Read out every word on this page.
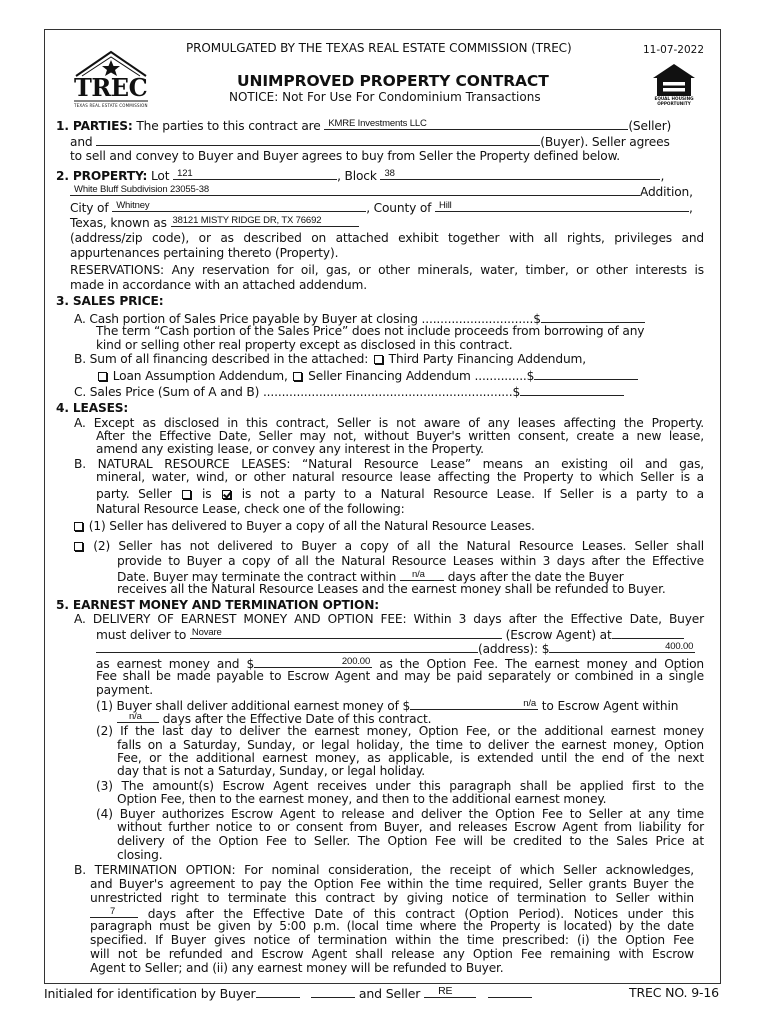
TREC
TEXAS REAL ESTATE COMMISSION
PROMULGATED BY THE TEXAS REAL ESTATE COMMISSION (TREC)	11-07-2022
UNIMPROVED PROPERTY CONTRACT
NOTICE: Not For Use For Condominium Transactions	EQUAL HOUSING OPPORTUNITY
1. PARTIES: The parties to this contract are KMRE Investments LLC	(Seller)
and	(Buyer). Seller agrees
to sell and convey to Buyer and Buyer agrees to buy from Seller the Property defined below.
2. PROPERTY: Lot 121	, Block 38	,
White Bluff Subdivision 23055-38	Addition,
City of Whitney	, County of Hill	,
Texas, known as 38121 MISTY RIDGE DR, TX 76692
(address/zip code), or as described on attached exhibit together with all rights, privileges and
appurtenances pertaining thereto (Property).
RESERVATIONS: Any reservation for oil, gas, or other minerals, water, timber, or other interests is
made in accordance with an attached addendum.
3. SALES PRICE:
A. Cash portion of Sales Price payable by Buyer at closing ..............................$
The term “Cash portion of the Sales Price” does not include proceeds from borrowing of any
kind or selling other real property except as disclosed in this contract.
B. Sum of all financing described in the attached:  Third Party Financing Addendum,
Loan Assumption Addendum,  Seller Financing Addendum ..............$
C. Sales Price (Sum of A and B) ...................................................................$
4. LEASES:
A. Except as disclosed in this contract, Seller is not aware of any leases affecting the Property.
After the Effective Date, Seller may not, without Buyer's written consent, create a new lease,
amend any existing lease, or convey any interest in the Property.
B. NATURAL RESOURCE LEASES: “Natural Resource Lease” means an existing oil and gas,
mineral, water, wind, or other natural resource lease affecting the Property to which Seller is a
party. Seller  is  is not a party to a Natural Resource Lease. If Seller is a party to a
Natural Resource Lease, check one of the following:
(1) Seller has delivered to Buyer a copy of all the Natural Resource Leases.
(2) Seller has not delivered to Buyer a copy of all the Natural Resource Leases. Seller shall
provide to Buyer a copy of all the Natural Resource Leases within 3 days after the Effective
Date. Buyer may terminate the contract within n/a days after the date the Buyer
receives all the Natural Resource Leases and the earnest money shall be refunded to Buyer.
5. EARNEST MONEY AND TERMINATION OPTION:
A. DELIVERY OF EARNEST MONEY AND OPTION FEE: Within 3 days after the Effective Date, Buyer
must deliver to Novare	(Escrow Agent) at
(address): $	400.00
as earnest money and $	200.00 as the Option Fee. The earnest money and Option
Fee shall be made payable to Escrow Agent and may be paid separately or combined in a single
payment.
(1) Buyer shall deliver additional earnest money of $	n/a to Escrow Agent within
n/a days after the Effective Date of this contract.
(2) If the last day to deliver the earnest money, Option Fee, or the additional earnest money
falls on a Saturday, Sunday, or legal holiday, the time to deliver the earnest money, Option
Fee, or the additional earnest money, as applicable, is extended until the end of the next
day that is not a Saturday, Sunday, or legal holiday.
(3) The amount(s) Escrow Agent receives under this paragraph shall be applied first to the
Option Fee, then to the earnest money, and then to the additional earnest money.
(4) Buyer authorizes Escrow Agent to release and deliver the Option Fee to Seller at any time
without further notice to or consent from Buyer, and releases Escrow Agent from liability for
delivery of the Option Fee to Seller. The Option Fee will be credited to the Sales Price at
closing.
B. TERMINATION OPTION: For nominal consideration, the receipt of which Seller acknowledges,
and Buyer's agreement to pay the Option Fee within the time required, Seller grants Buyer the
unrestricted right to terminate this contract by giving notice of termination to Seller within
7 days after the Effective Date of this contract (Option Period). Notices under this
paragraph must be given by 5:00 p.m. (local time where the Property is located) by the date
specified. If Buyer gives notice of termination within the time prescribed: (i) the Option Fee
will not be refunded and Escrow Agent shall release any Option Fee remaining with Escrow
Agent to Seller; and (ii) any earnest money will be refunded to Buyer.
Initialed for identification by Buyer	and Seller RE
	TREC NO. 9-16
